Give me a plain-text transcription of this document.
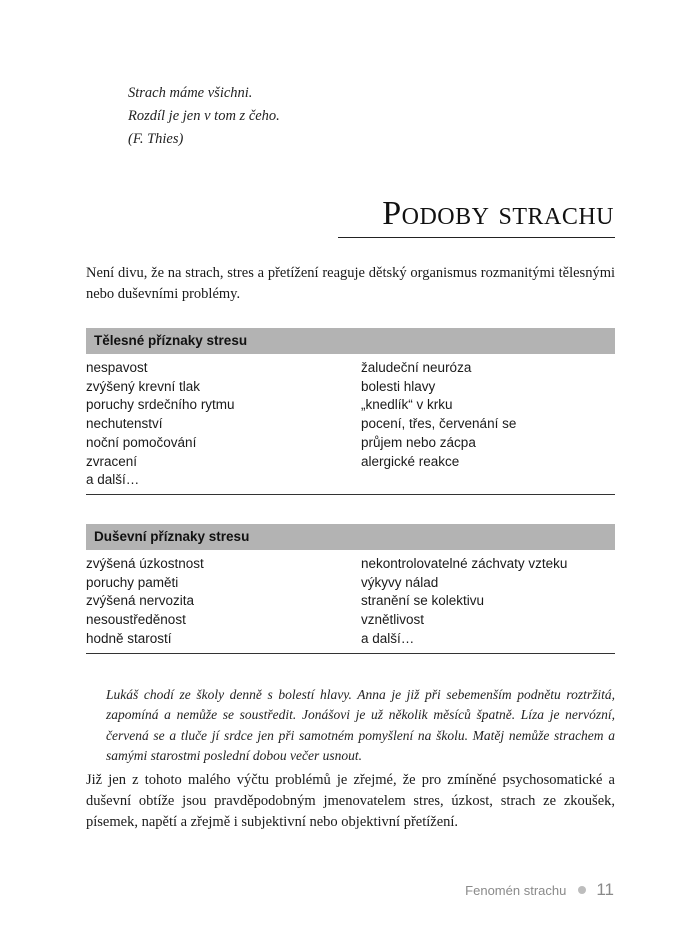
Strach máme všichni.
Rozdíl je jen v tom z čeho.
(F. Thies)
Podoby strachu
Není divu, že na strach, stres a přetížení reaguje dětský organismus rozmanitými tělesnými nebo duševními problémy.
Tělesné příznaky stresu
nespavost
zvýšený krevní tlak
poruchy srdečního rytmu
nechutenství
noční pomočování
zvracení
a další…
žaludeční neuróza
bolesti hlavy
„knedlík“ v krku
pocení, třes, červenání se
průjem nebo zácpa
alergické reakce
Duševní příznaky stresu
zvýšená úzkostnost
poruchy paměti
zvýšená nervozita
nesoustředěnost
hodně starostí
nekontrolovatelné záchvaty vzteku
výkyvy nálad
stranění se kolektivu
vznětlivost
a další…
Lukáš chodí ze školy denně s bolestí hlavy. Anna je již při sebemenším podnětu roztržitá, zapomíná a nemůže se soustředit. Jonášovi je už několik měsíců špatně. Líza je nervózní, červená se a tluče jí srdce jen při samotném pomyšlení na školu. Matěj nemůže strachem a samými starostmi poslední dobou večer usnout.
Již jen z tohoto malého výčtu problémů je zřejmé, že pro zmíněné psychosomatické a duševní obtíže jsou pravděpodobným jmenovatelem stres, úzkost, strach ze zkoušek, písemek, napětí a zřejmě i subjektivní nebo objektivní přetížení.
Fenomén strachu 11
